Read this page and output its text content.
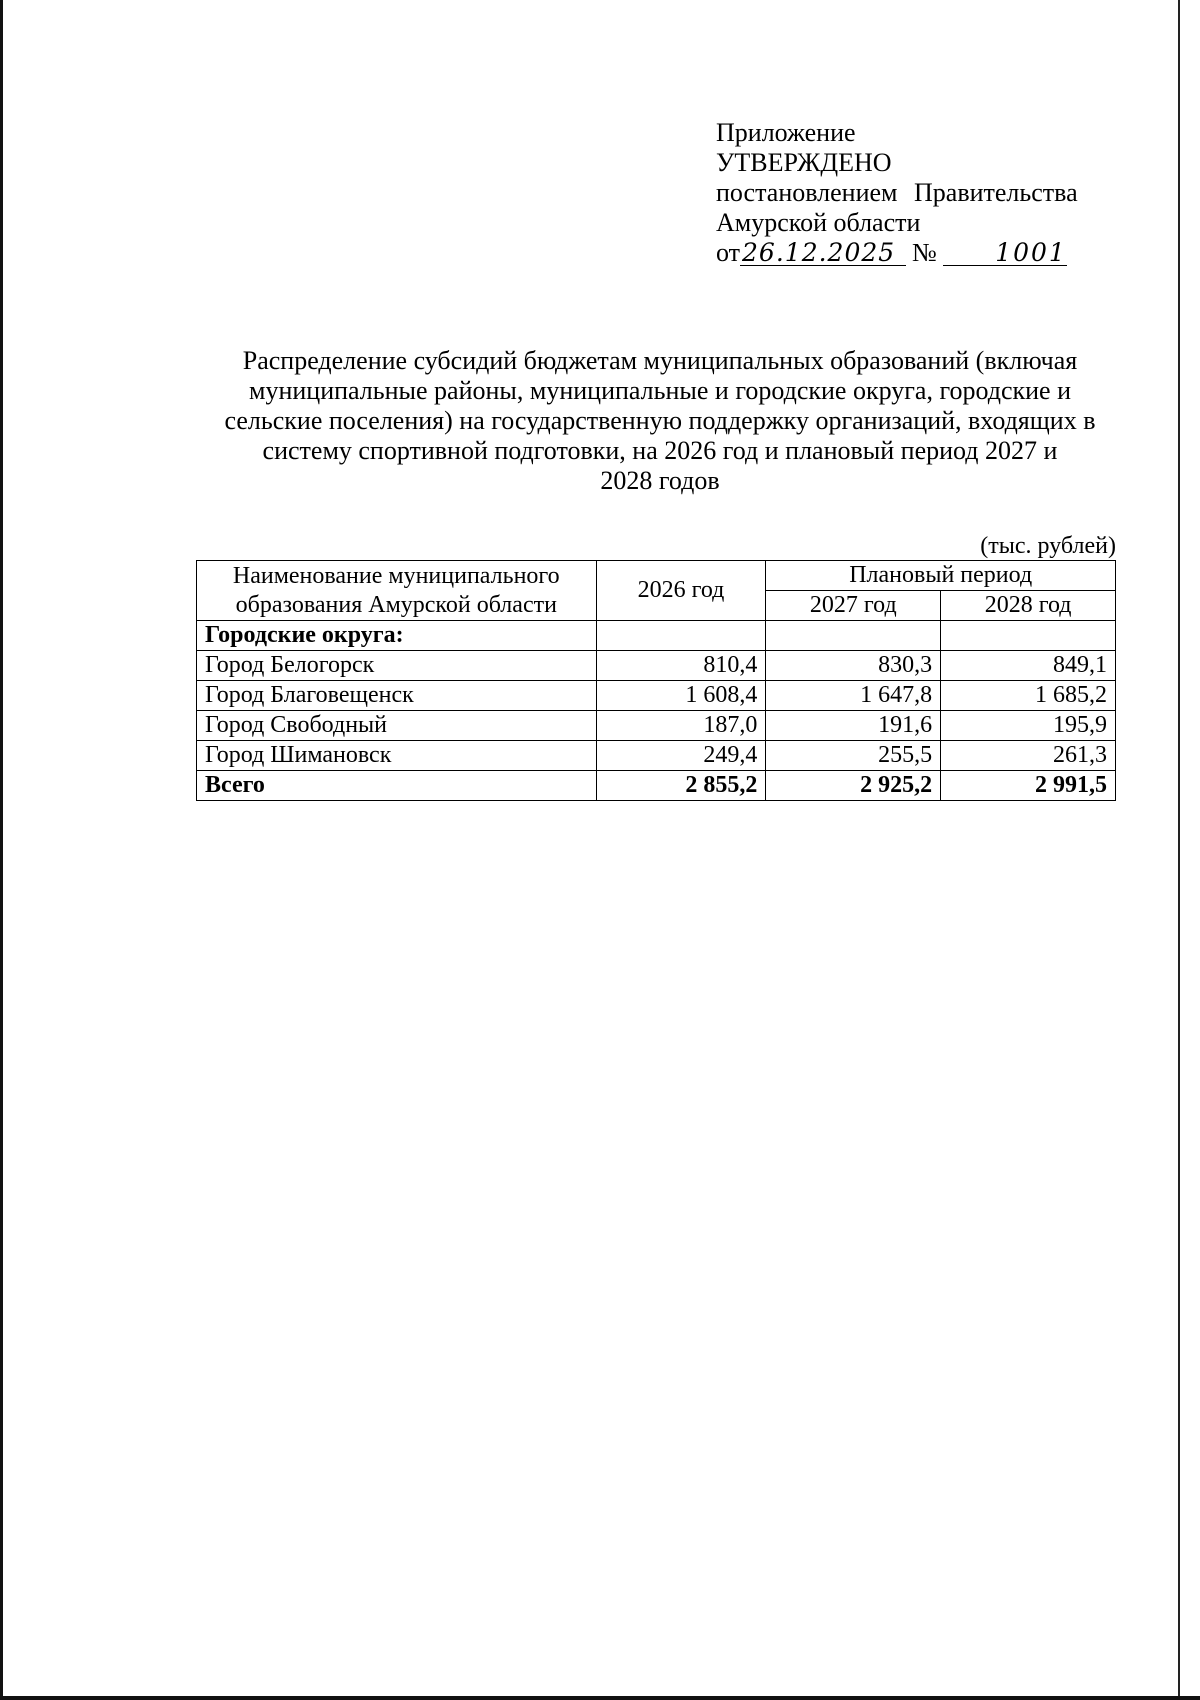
Приложение
УТВЕРЖДЕНО
постановлением Правительства
Амурской области
от26.12.2025 № 1001
Распределение субсидий бюджетам муниципальных образований (включая
муниципальные районы, муниципальные и городские округа, городские и
сельские поселения) на государственную поддержку организаций, входящих в
систему спортивной подготовки, на 2026 год и плановый период 2027 и
2028 годов
(тыс. рублей)
Наименование муниципального
образования Амурской области	2026 год	Плановый период	
		2027 год	2028 год
Городские округа:			
Город Белогорск	810,4	830,3	849,1
Город Благовещенск	1 608,4	1 647,8	1 685,2
Город Свободный	187,0	191,6	195,9
Город Шимановск	249,4	255,5	261,3
Всего	2 855,2	2 925,2	2 991,5
